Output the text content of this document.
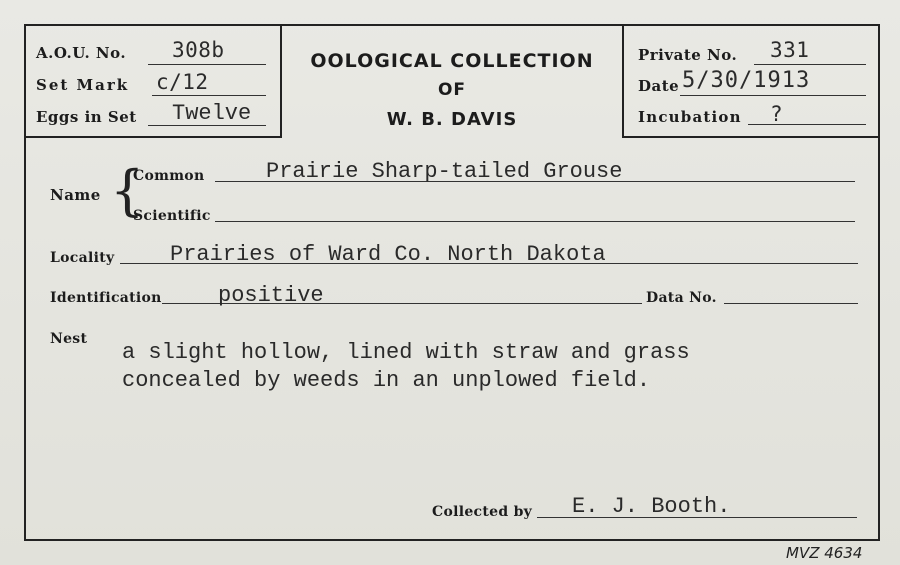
A.O.U. No. 308b
Set Mark c/12
Eggs in Set Twelve
OOLOGICAL COLLECTION
OF
W. B. DAVIS
Private No. 331
Date 5/30/1913
Incubation ?
Name {
Common	Prairie Sharp-tailed Grouse
Scientific
Locality	Prairies of Ward Co. North Dakota
Identification	positive	Data No.
Nest
a slight hollow, lined with straw and grass
concealed by weeds in an unplowed field.
Collected by E. J. Booth.
MVZ 4634
